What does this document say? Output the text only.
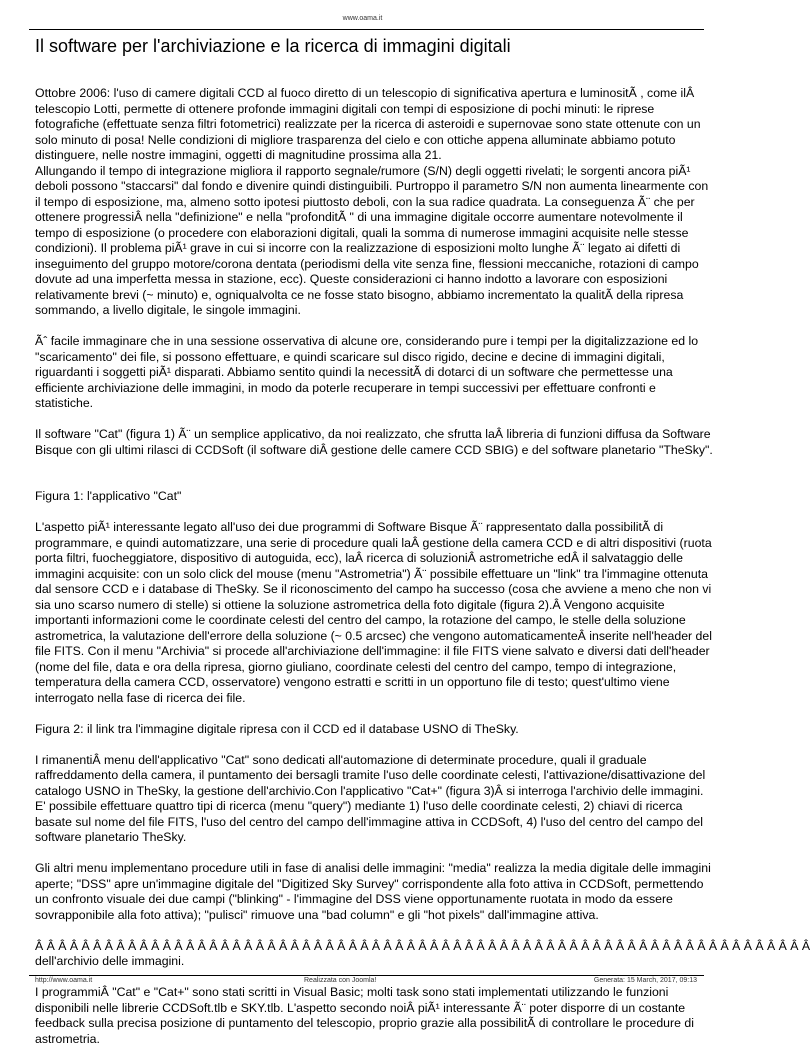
www.oama.it
Il software per l'archiviazione e la ricerca di immagini digitali

Ottobre 2006: l'uso di camere digitali CCD al fuoco diretto di un telescopio di significativa apertura e luminositÃ , come ilÂ telescopio Lotti, permette di ottenere profonde immagini digitali con tempi di esposizione di pochi minuti: le riprese fotografiche (effettuate senza filtri fotometrici) realizzate per la ricerca di asteroidi e supernovae sono state ottenute con un solo minuto di posa! Nelle condizioni di migliore trasparenza del cielo e con ottiche appena alluminate abbiamo potuto distinguere, nelle nostre immagini, oggetti di magnitudine prossima alla 21.

Allungando il tempo di integrazione migliora il rapporto segnale/rumore (S/N) degli oggetti rivelati; le sorgenti ancora piÃ¹ deboli possono "staccarsi" dal fondo e divenire quindi distinguibili. Purtroppo il parametro S/N non aumenta linearmente con il tempo di esposizione, ma, almeno sotto ipotesi piuttosto deboli, con la sua radice quadrata. La conseguenza Ã¨ che per ottenere progressiÂ nella "definizione" e nella "profonditÃ " di una immagine digitale occorre aumentare notevolmente il tempo di esposizione (o procedere con elaborazioni digitali, quali la somma di numerose immagini acquisite nelle stesse condizioni). Il problema piÃ¹ grave in cui si incorre con la realizzazione di esposizioni molto lunghe Ã¨ legato ai difetti di inseguimento del gruppo motore/corona dentata (periodismi della vite senza fine, flessioni meccaniche, rotazioni di campo dovute ad una imperfetta messa in stazione, ecc). Queste considerazioni ci hanno indotto a lavorare con esposizioni relativamente brevi (~ minuto) e, ogniqualvolta ce ne fosse stato bisogno, abbiamo incrementato la qualitÃ della ripresa sommando, a livello digitale, le singole immagini.

Ãˆ facile immaginare che in una sessione osservativa di alcune ore, considerando pure i tempi per la digitalizzazione ed lo "scaricamento" dei file, si possono effettuare, e quindi scaricare sul disco rigido, decine e decine di immagini digitali, riguardanti i soggetti piÃ¹ disparati. Abbiamo sentito quindi la necessitÃ di dotarci di un software che permettesse una efficiente archiviazione delle immagini, in modo da poterle recuperare in tempi successivi per effettuare confronti e statistiche.

Il software "Cat" (figura 1) Ã¨ un semplice applicativo, da noi realizzato, che sfrutta laÂ libreria di funzioni diffusa da Software Bisque con gli ultimi rilasci di CCDSoft (il software diÂ gestione delle camere CCD SBIG) e del software planetario "TheSky".

Figura 1: l'applicativo "Cat"

L'aspetto piÃ¹ interessante legato all'uso dei due programmi di Software Bisque Ã¨ rappresentato dalla possibilitÃ di programmare, e quindi automatizzare, una serie di procedure quali laÂ gestione della camera CCD e di altri dispositivi (ruota porta filtri, fuocheggiatore, dispositivo di autoguida, ecc), laÂ ricerca di soluzioniÂ astrometriche edÂ il salvataggio delle immagini acquisite: con un solo click del mouse (menu "Astrometria") Ã¨ possibile effettuare un "link" tra l'immagine ottenuta dal sensore CCD e i database di TheSky. Se il riconoscimento del campo ha successo (cosa che avviene a meno che non vi sia uno scarso numero di stelle) si ottiene la soluzione astrometrica della foto digitale (figura 2).Â Vengono acquisite importanti informazioni come le coordinate celesti del centro del campo, la rotazione del campo, le stelle della soluzione astrometrica, la valutazione dell'errore della soluzione (~ 0.5 arcsec) che vengono automaticamenteÂ inserite nell'header del file FITS. Con il menu "Archivia" si procede all'archiviazione dell'immagine: il file FITS viene salvato e diversi dati dell'header (nome del file, data e ora della ripresa, giorno giuliano, coordinate celesti del centro del campo, tempo di integrazione, temperatura della camera CCD, osservatore) vengono estratti e scritti in un opportuno file di testo; quest'ultimo viene interrogato nella fase di ricerca dei file.

Figura 2: il link tra l'immagine digitale ripresa con il CCD ed il database USNO di TheSky.

I rimanentiÂ menu dell'applicativo "Cat" sono dedicati all'automazione di determinate procedure, quali il graduale raffreddamento della camera, il puntamento dei bersagli tramite l'uso delle coordinate celesti, l'attivazione/disattivazione del catalogo USNO in TheSky, la gestione dell'archivio.Con l'applicativo "Cat+" (figura 3)Â si interroga l'archivio delle immagini. E' possibile effettuare quattro tipi di ricerca (menu "query") mediante 1) l'uso delle coordinate celesti, 2) chiavi di ricerca basate sul nome del file FITS, l'uso del centro del campo dell'immagine attiva in CCDSoft, 4) l'uso del centro del campo del software planetario TheSky.

Gli altri menu implementano procedure utili in fase di analisi delle immagini: "media" realizza la media digitale delle immagini aperte; "DSS" apre un'immagine digitale del "Digitized Sky Survey" corrispondente alla foto attiva in CCDSoft, permettendo un confronto visuale dei due campi ("blinking" - l'immagine del DSS viene opportunamente ruotata in modo da essere sovrapponibile alla foto attiva); "pulisci" rimuove una "bad column" e gli "hot pixels" dall'immagine attiva.

Â Â Â Â Â Â Â Â Â Â Â Â Â Â Â Â Â Â Â Â Â Â Â Â Â Â Â Â Â Â Â Â Â Â Â Â Â Â Â Â Â Â Â Â Â Â Â Â Â Â Â Â Â Â Â Â Â Â Â Â Â Â Â Â Â Â Â

dell'archivio delle immagini.

I programmiÂ "Cat" e "Cat+" sono stati scritti in Visual Basic; molti task sono stati implementati utilizzando le funzioni disponibili nelle librerie CCDSoft.tlb e SKY.tlb. L'aspetto secondo noiÂ piÃ¹ interessante Ã¨ poter disporre di un costante feedback sulla precisa posizione di puntamento del telescopio, proprio grazie alla possibilitÃ di controllare le procedure di astrometria.

http://www.oama.it	Realizzata con Joomla!	Generata: 15 March, 2017, 09:13
